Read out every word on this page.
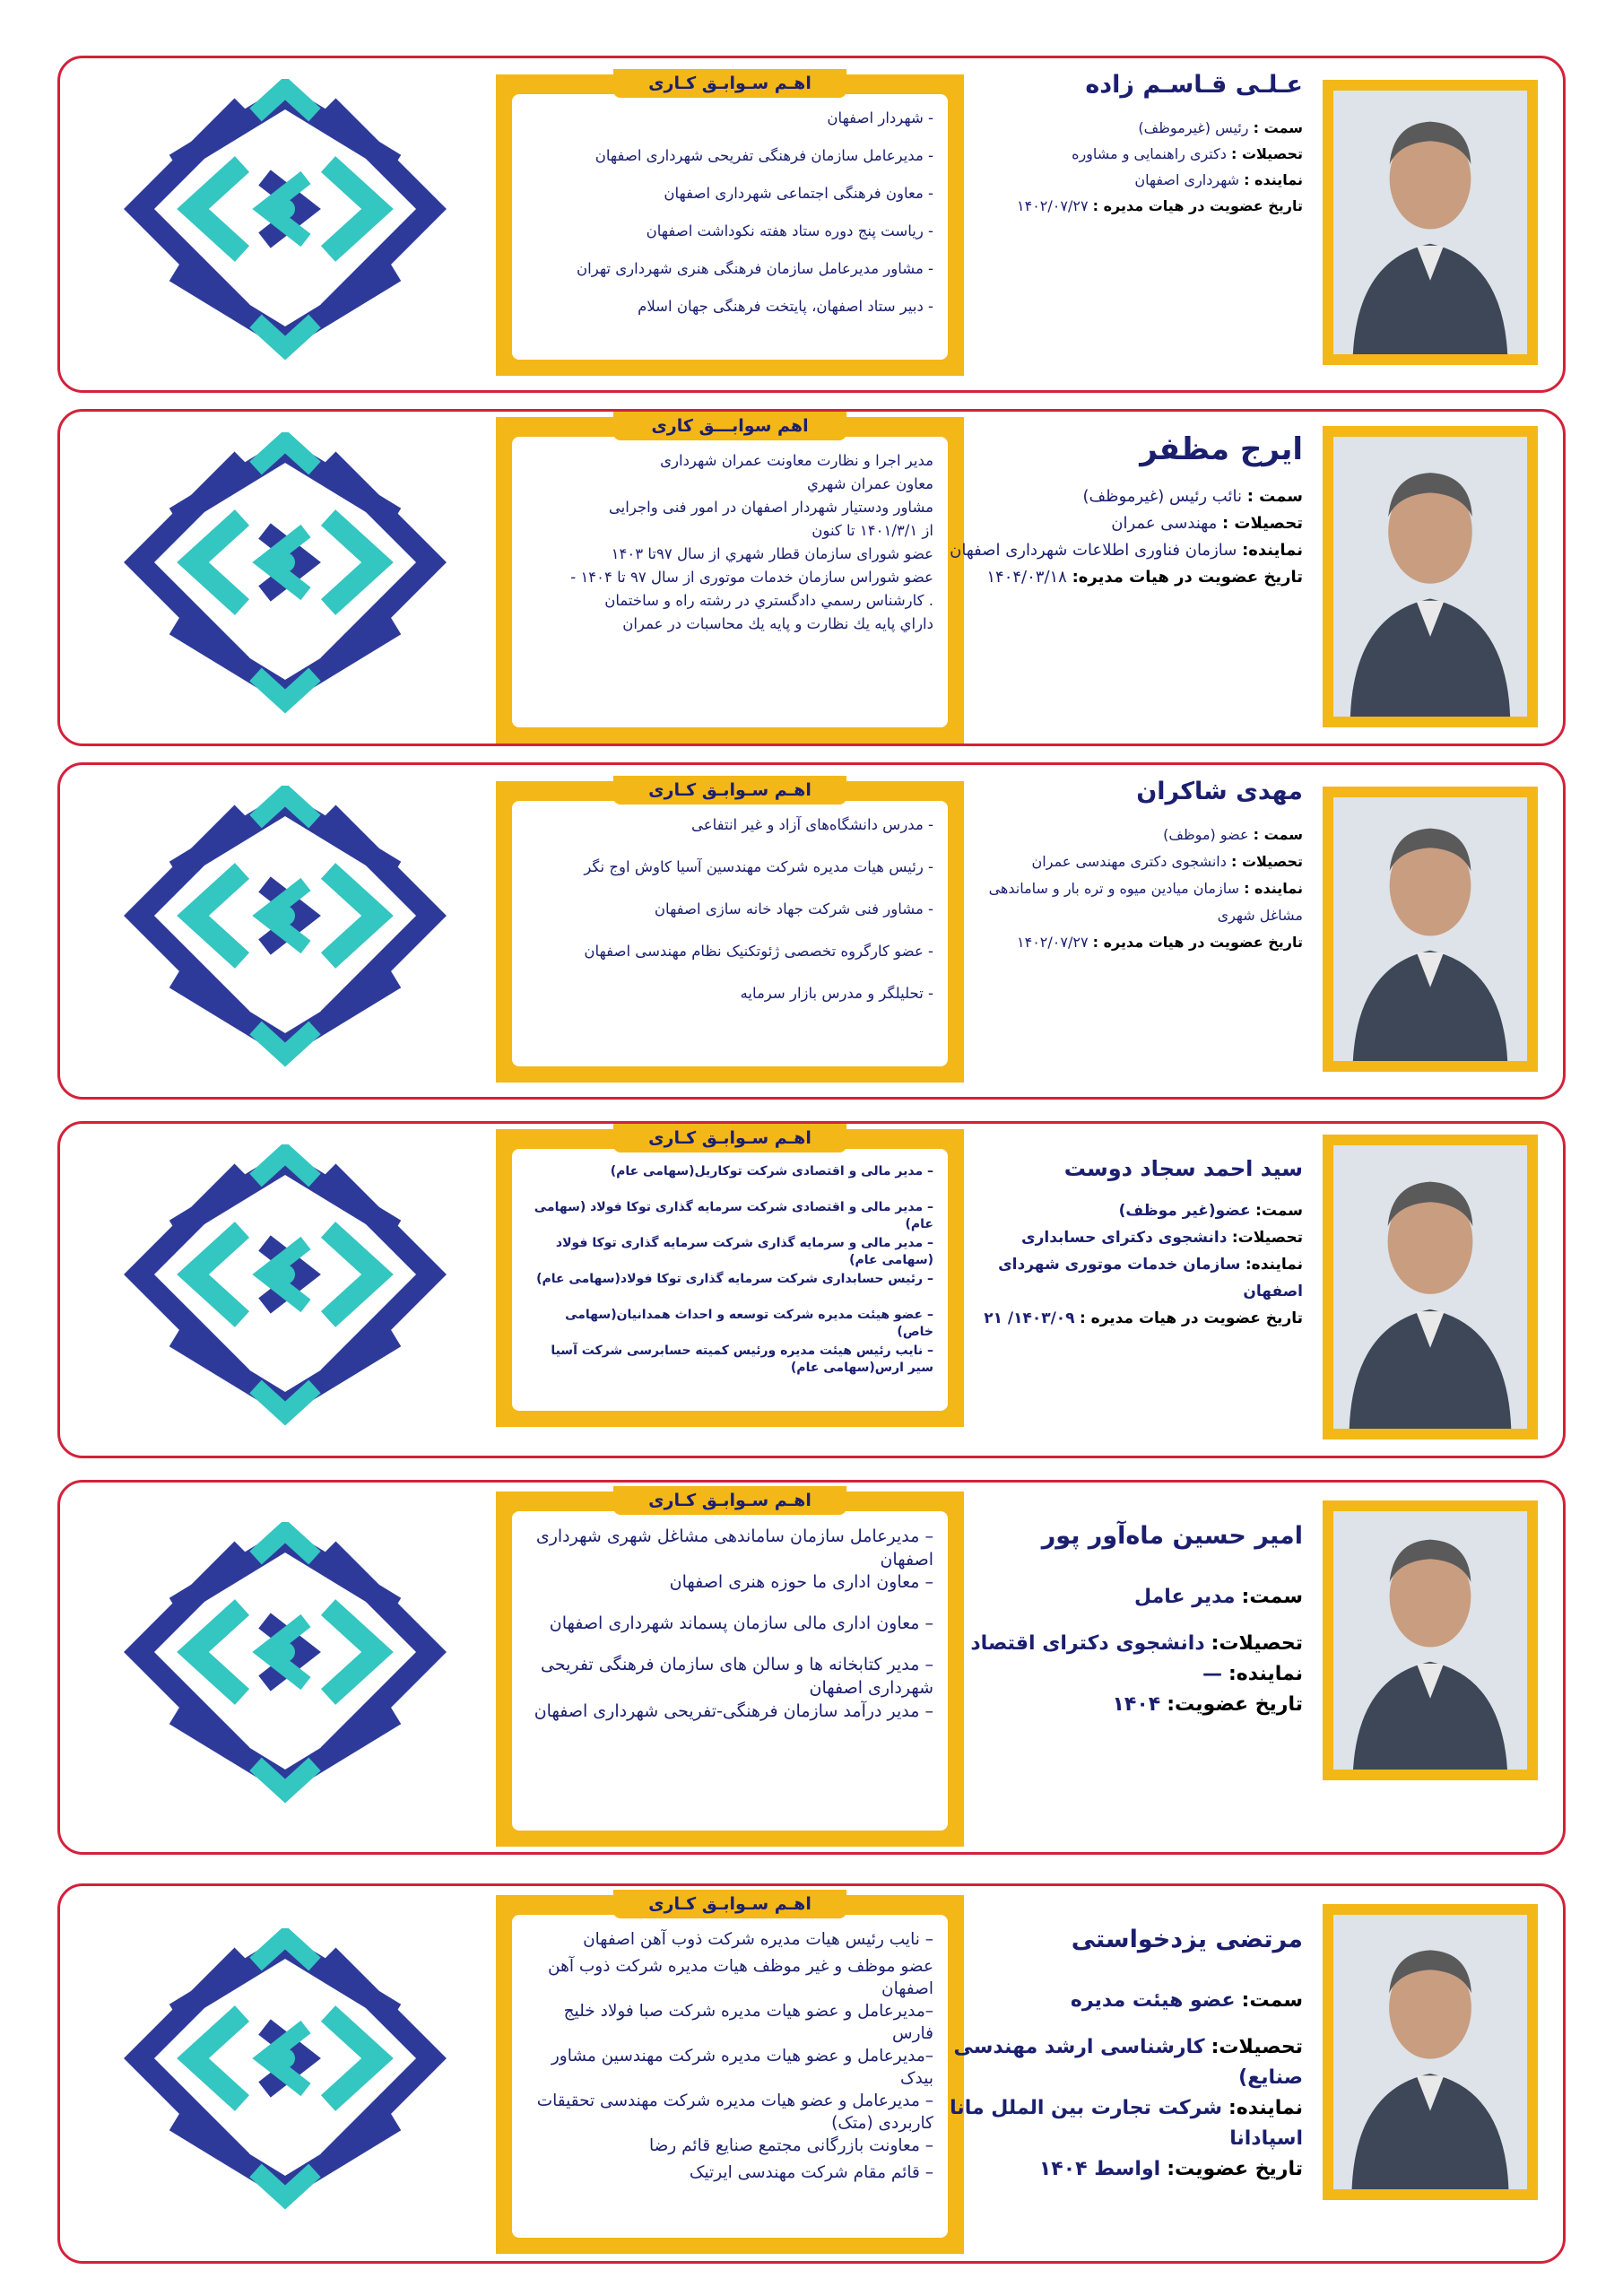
اهـم سـوابـق کـاری
- شهردار اصفهان
- مدیرعامل سازمان فرهنگی تفریحی شهرداری اصفهان
- معاون فرهنگی اجتماعی شهرداری اصفهان
- ریاست پنج دوره ستاد هفته نکوداشت اصفهان
- مشاور مدیرعامل سازمان فرهنگی هنری شهرداری تهران
- دبیر ستاد اصفهان، پایتخت فرهنگی جهان اسلام
عـلـی قـاسـم زاده
سمت : رئیس (غیرموظف)
تحصیلات : دکتری راهنمایی و مشاوره
نماینده : شهرداری اصفهان
تاریخ عضویت در هیات مدیره : ۱۴۰۲/۰۷/۲۷
اهم سوابـــق کاری
مدیر اجرا و نظارت معاونت عمران شهرداری
معاون عمران شهري
مشاور ودستیار شهردار اصفهان در امور فنی واجرایی
از ۱۴۰۱/۳/۱ تا کنون
عضو شورای سازمان قطار شهري از سال ۹۷تا ۱۴۰۳
عضو شوراس سازمان خدمات موتوری از سال ۹۷ تا ۱۴۰۴ -
. كارشناس رسمي دادگستري در رشته راه و ساختمان
داراي پایه یك نظارت و پایه یك محاسبات در عمران
ایرج مظفر
سمت : نائب رئیس (غیرموظف)
تحصیلات : مهندسی عمران
نماینده: سازمان فناوری اطلاعات شهرداری اصفهان
تاریخ عضویت در هیات مدیره: ۱۴۰۴/۰۳/۱۸
اهـم سـوابـق کـاری
- مدرس دانشگاه‌های آزاد و غیر انتفاعی
- رئیس هیات مدیره شرکت مهندسین آسیا کاوش اوج نگر
- مشاور فنی شرکت جهاد خانه سازی اصفهان
- عضو کارگروه تخصصی ژئوتکنیک نظام مهندسی اصفهان
- تحلیلگر و مدرس بازار سرمایه
مهدی شاکران
سمت : عضو (موظف)
تحصیلات : دانشجوی دکتری مهندسی عمران
نماینده : سازمان میادین میوه و تره بار و ساماندهی مشاغل شهری
تاریخ عضویت در هیات مدیره : ۱۴۰۲/۰۷/۲۷
اهـم سـوابـق کـاری
– مدیر مالی و اقتصادی شرکت توکاریل(سهامی عام)
– مدیر مالی و اقتصادی شرکت سرمایه گذاری توکا فولاد (سهامی عام)
– مدیر مالی و سرمایه گذاری شرکت سرمایه گذاری توکا فولاد (سهامی عام)
– رئیس حسابداری شرکت سرمایه گذاری توکا فولاد(سهامی عام)
– عضو هیئت مدیره شرکت توسعه و احداث همدانیان(سهامی خاص)
– نایب رئیس هیئت مدیره ورئیس کمیته حسابرسی شرکت آسیا سیر ارس(سهامی عام)
سید احمد سجاد دوست
سمت: عضو(غیر موظف)
تحصیلات: دانشجوی دکترای حسابداری
نماینده: سازمان خدمات موتوری شهردای اصفهان
تاریخ عضویت در هیات مدیره : ۱۴۰۳/۰۹/ ۲۱
اهـم سـوابـق کـاری
– مدیرعامل سازمان ساماندهی مشاغل شهری شهرداری اصفهان
– معاون اداری ما حوزه هنری اصفهان
– معاون اداری مالی سازمان پسماند شهرداری اصفهان
– مدیر کتابخانه ها و سالن های سازمان فرهنگی تفریحی شهرداری اصفهان
– مدیر درآمد سازمان فرهنگی-تفریحی شهرداری اصفهان
امیر حسین ماه‌آور پور
سمت: مدیر عامل
تحصیلات: دانشجوی دکترای اقتصاد
نماینده: —
تاریخ عضویت: ۱۴۰۴
اهـم سـوابـق کـاری
– نایب رئیس هیات مدیره شرکت ذوب آهن اصفهان
عضو موظف و غیر موظف هیات مدیره شرکت ذوب آهن اصفهان
–مدیرعامل و عضو هیات مدیره شرکت صبا فولاد خلیج فارس
–مدیرعامل و عضو هیات مدیره شرکت مهندسین مشاور بیدک
– مدیرعامل و عضو هیات مدیره شرکت مهندسی تحقیقات کاربردی (متک)
– معاونت بازرگانی مجتمع صنایع قائم رضا
– قائم مقام شرکت مهندسی ایرتیک
مرتضی یزدخواستی
سمت: عضو هیئت مدیره
تحصیلات: کارشناسی ارشد مهندسی صنایع)
نماینده: شرکت تجارت بین الملل مانا اسپادانا
تاریخ عضویت: اواسط ۱۴۰۴
